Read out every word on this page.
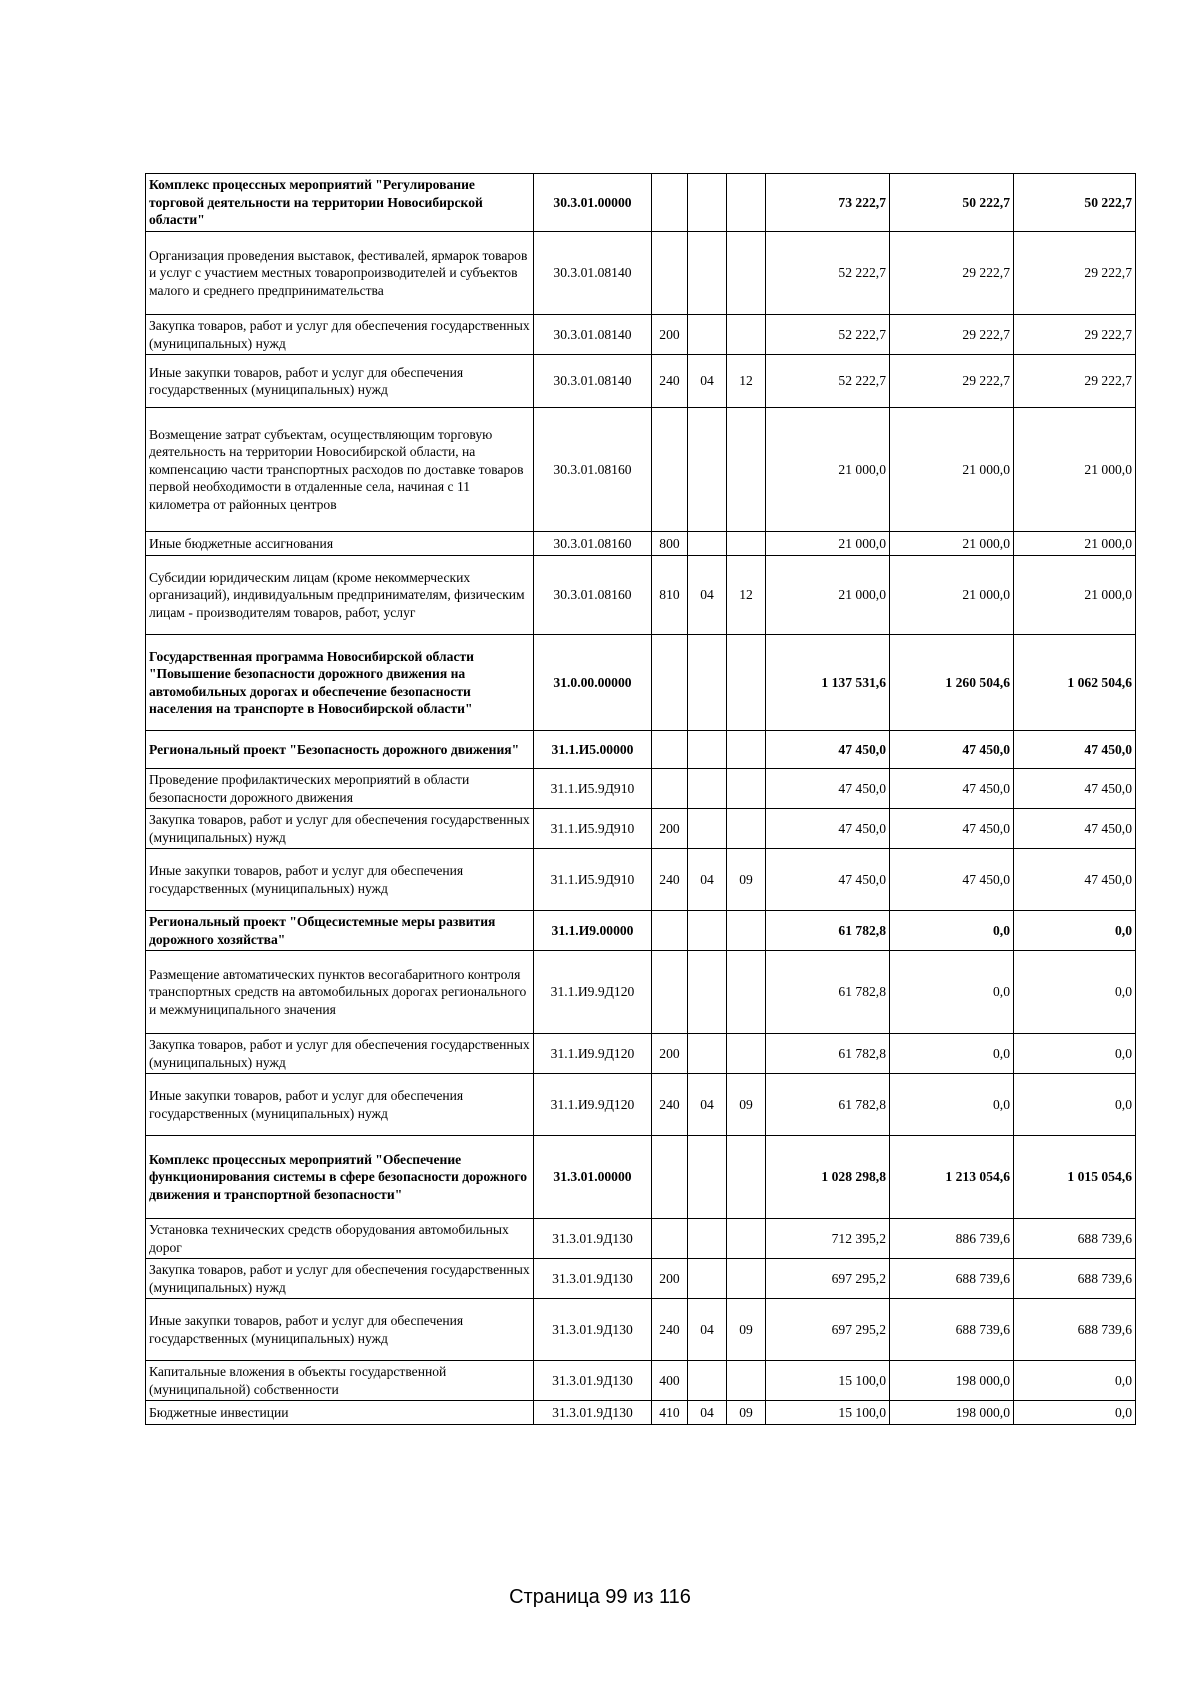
Комплекс процессных мероприятий "Регулирование торговой деятельности на территории Новосибирской области"	30.3.01.00000				73 222,7	50 222,7	50 222,7
Организация проведения выставок, фестивалей, ярмарок товаров и услуг с участием местных товаропроизводителей и субъектов малого и среднего предпринимательства	30.3.01.08140				52 222,7	29 222,7	29 222,7
Закупка товаров, работ и услуг для обеспечения государственных (муниципальных) нужд	30.3.01.08140	200			52 222,7	29 222,7	29 222,7
Иные закупки товаров, работ и услуг для обеспечения государственных (муниципальных) нужд	30.3.01.08140	240	04	12	52 222,7	29 222,7	29 222,7
Возмещение затрат субъектам, осуществляющим торговую деятельность на территории Новосибирской области, на компенсацию части транспортных расходов по доставке товаров первой необходимости в отдаленные села, начиная с 11 километра от районных центров	30.3.01.08160				21 000,0	21 000,0	21 000,0
Иные бюджетные ассигнования	30.3.01.08160	800			21 000,0	21 000,0	21 000,0
Субсидии юридическим лицам (кроме некоммерческих организаций), индивидуальным предпринимателям, физическим лицам - производителям товаров, работ, услуг	30.3.01.08160	810	04	12	21 000,0	21 000,0	21 000,0
Государственная программа Новосибирской области "Повышение безопасности дорожного движения на автомобильных дорогах и обеспечение безопасности населения на транспорте в Новосибирской области"	31.0.00.00000				1 137 531,6	1 260 504,6	1 062 504,6
Региональный проект "Безопасность дорожного движения"	31.1.И5.00000				47 450,0	47 450,0	47 450,0
Проведение профилактических мероприятий в области безопасности дорожного движения	31.1.И5.9Д910				47 450,0	47 450,0	47 450,0
Закупка товаров, работ и услуг для обеспечения государственных (муниципальных) нужд	31.1.И5.9Д910	200			47 450,0	47 450,0	47 450,0
Иные закупки товаров, работ и услуг для обеспечения государственных (муниципальных) нужд	31.1.И5.9Д910	240	04	09	47 450,0	47 450,0	47 450,0
Региональный проект "Общесистемные меры развития дорожного хозяйства"	31.1.И9.00000				61 782,8	0,0	0,0
Размещение автоматических пунктов весогабаритного контроля транспортных средств на автомобильных дорогах регионального и межмуниципального значения	31.1.И9.9Д120				61 782,8	0,0	0,0
Закупка товаров, работ и услуг для обеспечения государственных (муниципальных) нужд	31.1.И9.9Д120	200			61 782,8	0,0	0,0
Иные закупки товаров, работ и услуг для обеспечения государственных (муниципальных) нужд	31.1.И9.9Д120	240	04	09	61 782,8	0,0	0,0
Комплекс процессных мероприятий "Обеспечение функционирования системы в сфере безопасности дорожного движения и транспортной безопасности"	31.3.01.00000				1 028 298,8	1 213 054,6	1 015 054,6
Установка технических средств оборудования автомобильных дорог	31.3.01.9Д130				712 395,2	886 739,6	688 739,6
Закупка товаров, работ и услуг для обеспечения государственных (муниципальных) нужд	31.3.01.9Д130	200			697 295,2	688 739,6	688 739,6
Иные закупки товаров, работ и услуг для обеспечения государственных (муниципальных) нужд	31.3.01.9Д130	240	04	09	697 295,2	688 739,6	688 739,6
Капитальные вложения в объекты государственной (муниципальной) собственности	31.3.01.9Д130	400			15 100,0	198 000,0	0,0
Бюджетные инвестиции	31.3.01.9Д130	410	04	09	15 100,0	198 000,0	0,0
Страница 99 из 116
